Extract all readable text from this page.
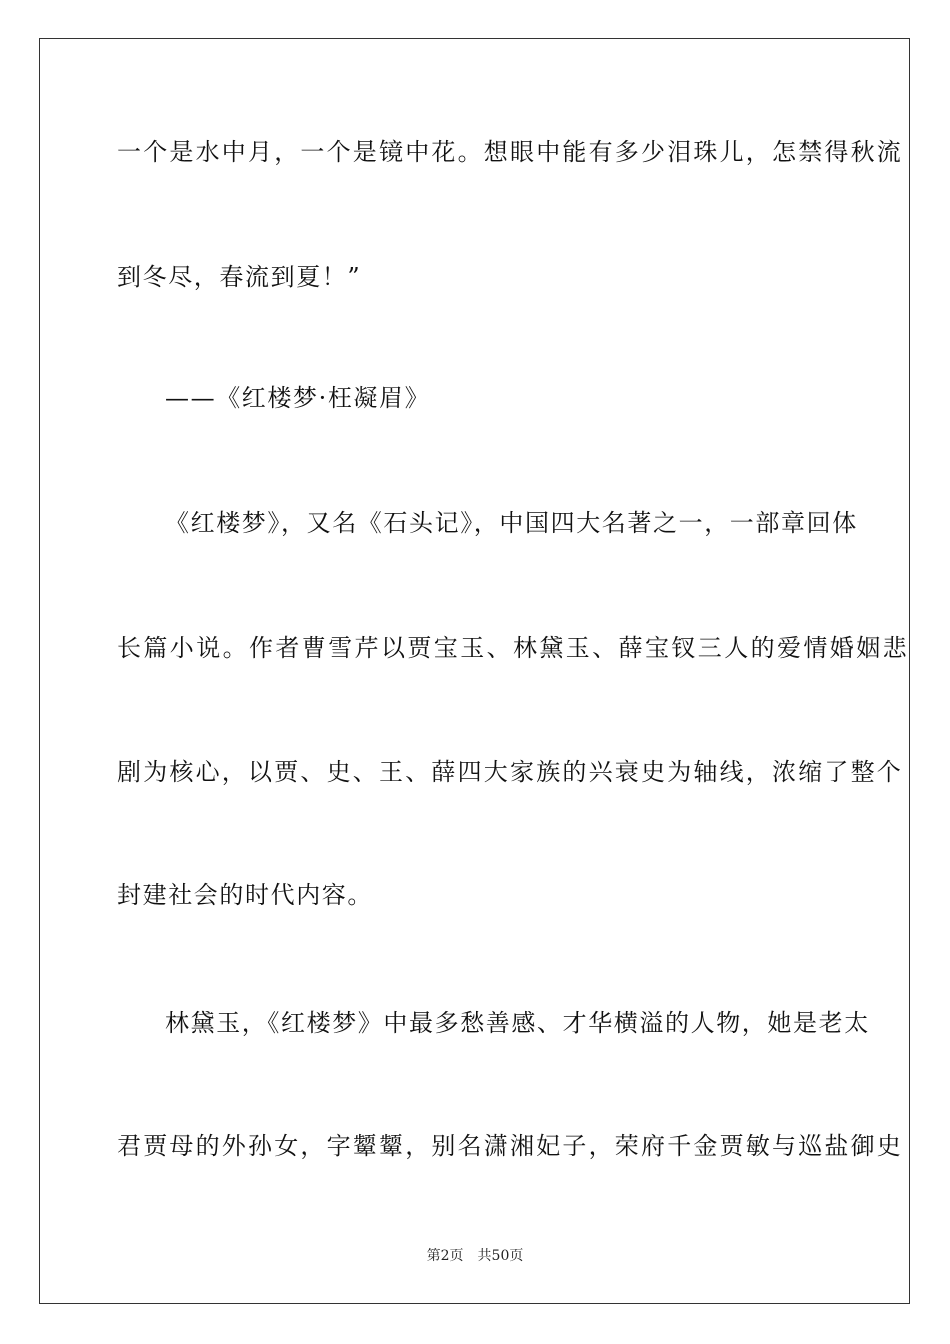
一个是水中月，一个是镜中花。想眼中能有多少泪珠儿，怎禁得秋流
到冬尽，春流到夏！”
——《红楼梦·枉凝眉》
《红楼梦》，又名《石头记》，中国四大名著之一，一部章回体
长篇小说。作者曹雪芹以贾宝玉、林黛玉、薛宝钗三人的爱情婚姻悲
剧为核心，以贾、史、王、薛四大家族的兴衰史为轴线，浓缩了整个
封建社会的时代内容。
林黛玉，《红楼梦》中最多愁善感、才华横溢的人物，她是老太
君贾母的外孙女，字颦颦，别名潇湘妃子，荣府千金贾敏与巡盐御史
第2页 共50页
